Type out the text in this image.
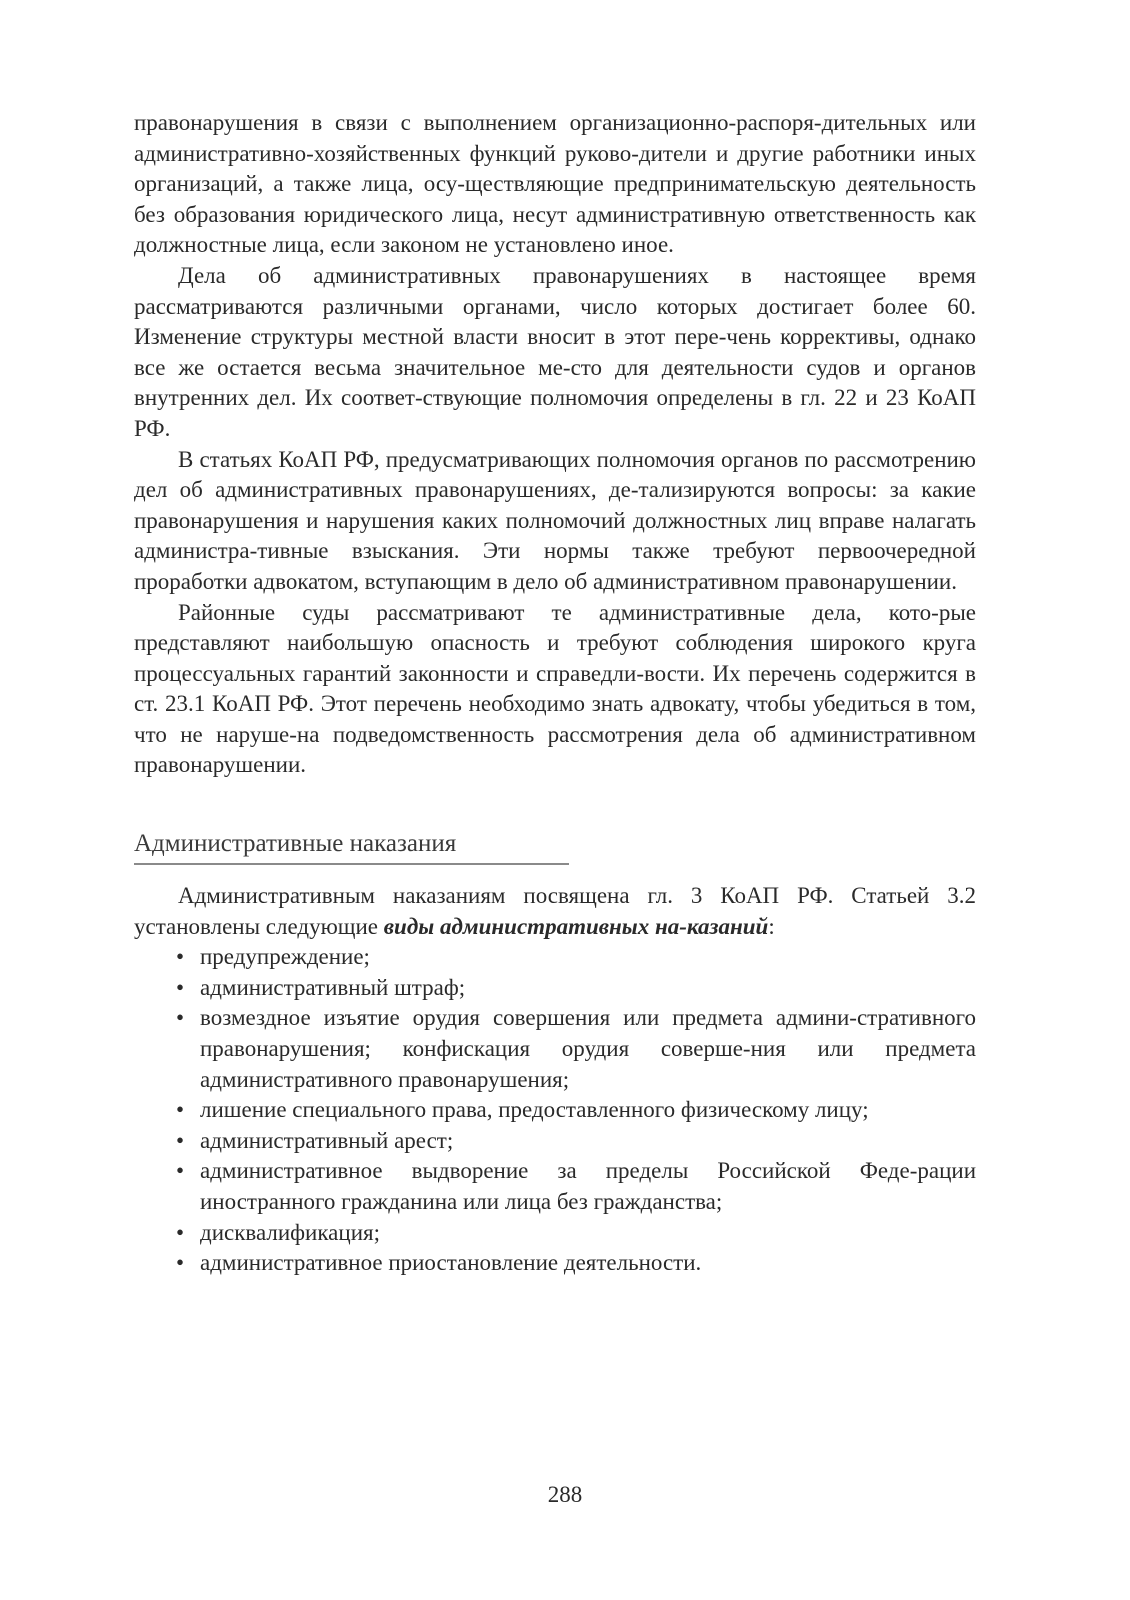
правонарушения в связи с выполнением организационно-распоря-дительных или административно-хозяйственных функций руково-дители и другие работники иных организаций, а также лица, осу-ществляющие предпринимательскую деятельность без образования юридического лица, несут административную ответственность как должностные лица, если законом не установлено иное.

Дела об административных правонарушениях в настоящее время рассматриваются различными органами, число которых достигает более 60. Изменение структуры местной власти вносит в этот пере-чень коррективы, однако все же остается весьма значительное ме-сто для деятельности судов и органов внутренних дел. Их соответ-ствующие полномочия определены в гл. 22 и 23 КоАП РФ.

В статьях КоАП РФ, предусматривающих полномочия органов по рассмотрению дел об административных правонарушениях, де-тализируются вопросы: за какие правонарушения и нарушения каких полномочий должностных лиц вправе налагать администра-тивные взыскания. Эти нормы также требуют первоочередной проработки адвокатом, вступающим в дело об административном правонарушении.

Районные суды рассматривают те административные дела, кото-рые представляют наибольшую опасность и требуют соблюдения широкого круга процессуальных гарантий законности и справедли-вости. Их перечень содержится в ст. 23.1 КоАП РФ. Этот перечень необходимо знать адвокату, чтобы убедиться в том, что не наруше-на подведомственность рассмотрения дела об административном правонарушении.

Административные наказания

Административным наказаниям посвящена гл. 3 КоАП РФ. Статьей 3.2 установлены следующие виды административных на-казаний:

• предупреждение;
• административный штраф;
• возмездное изъятие орудия совершения или предмета админи-стративного правонарушения; конфискация орудия соверше-ния или предмета административного правонарушения;
• лишение специального права, предоставленного физическому лицу;
• административный арест;
• административное выдворение за пределы Российской Феде-рации иностранного гражданина или лица без гражданства;
• дисквалификация;
• административное приостановление деятельности.
288
